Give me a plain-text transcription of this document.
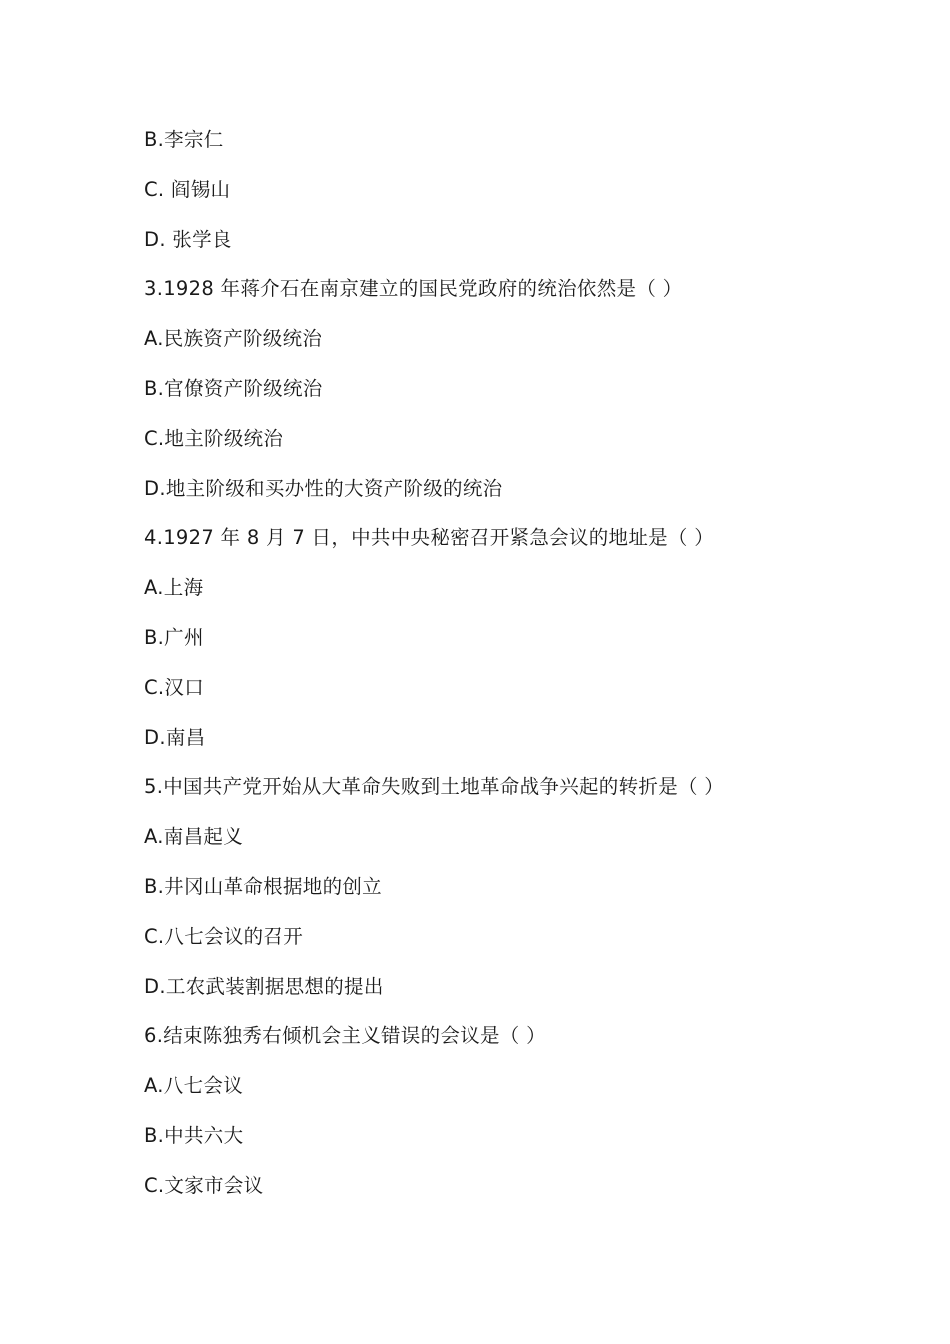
B.李宗仁
C. 阎锡山
D. 张学良
3.1928 年蒋介石在南京建立的国民党政府的统治依然是（ ）
A.民族资产阶级统治
B.官僚资产阶级统治
C.地主阶级统治
D.地主阶级和买办性的大资产阶级的统治
4.1927 年 8 月 7 日，中共中央秘密召开紧急会议的地址是（ ）
A.上海
B.广州
C.汉口
D.南昌
5.中国共产党开始从大革命失败到土地革命战争兴起的转折是（ ）
A.南昌起义
B.井冈山革命根据地的创立
C.八七会议的召开
D.工农武装割据思想的提出
6.结束陈独秀右倾机会主义错误的会议是（ ）
A.八七会议
B.中共六大
C.文家市会议
